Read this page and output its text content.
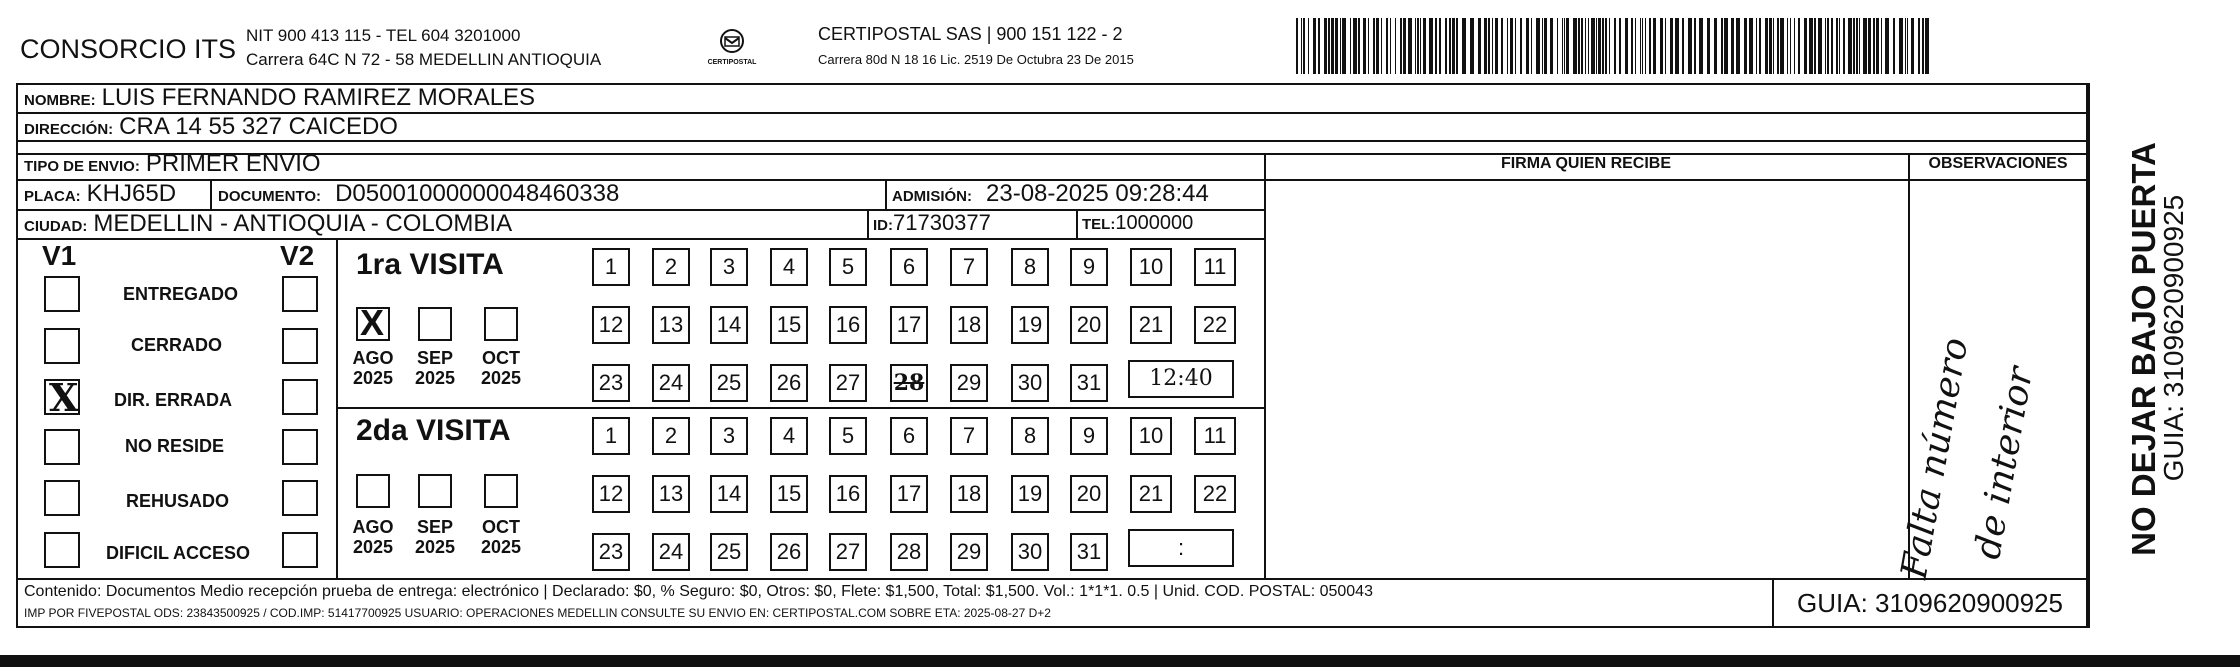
CONSORCIO ITS NIT 900 413 115 - TEL 604 3201000
Carrera 64C N 72 - 58 MEDELLIN ANTIOQUIA	CERTIPOSTAL
CERTIPOSTAL SAS | 900 151 122 - 2
Carrera 80d N 18 16 Lic. 2519 De Octubra 23 De 2015
NOMBRE: LUIS FERNANDO RAMIREZ MORALES
DIRECCIÓN: CRA 14 55 327 CAICEDO
TIPO DE ENVIO: PRIMER ENVIO
PLACA: KHJ65D	DOCUMENTO: D05001000000048460338	ADMISIÓN: 23-08-2025 09:28:44
CIUDAD: MEDELLIN - ANTIOQUIA - COLOMBIA	ID: 71730377	TEL: 1000000
FIRMA QUIEN RECIBE	OBSERVACIONES
Falta número
de interior
V1	V2
ENTREGADO
CERRADO
X DIR. ERRADA
NO RESIDE
REHUSADO
DIFICIL ACCESO
1ra VISITA
X
AGO
2025
SEP
2025
OCT
2025
1	2	3	4	5	6	7	8	9	10	11
12	13	14	15	16	17	18	19	20	21	22
23	24	25	26	27	28	29	30	31	12:40
2da VISITA
AGO
2025
SEP
2025
OCT
2025
1	2	3	4	5	6	7	8	9	10	11
12	13	14	15	16	17	18	19	20	21	22
23	24	25	26	27	28	29	30	31	:
Contenido: Documentos Medio recepción prueba de entrega: electrónico | Declarado: $0, % Seguro: $0, Otros: $0, Flete: $1,500, Total: $1,500. Vol.: 1*1*1. 0.5 | Unid. COD. POSTAL: 050043
IMP POR FIVEPOSTAL ODS: 23843500925 / COD.IMP: 51417700925 USUARIO: OPERACIONES MEDELLIN CONSULTE SU ENVIO EN: CERTIPOSTAL.COM SOBRE ETA: 2025-08-27 D+2	GUIA: 3109620900925
NO DEJAR BAJO PUERTA
GUIA: 3109620900925
